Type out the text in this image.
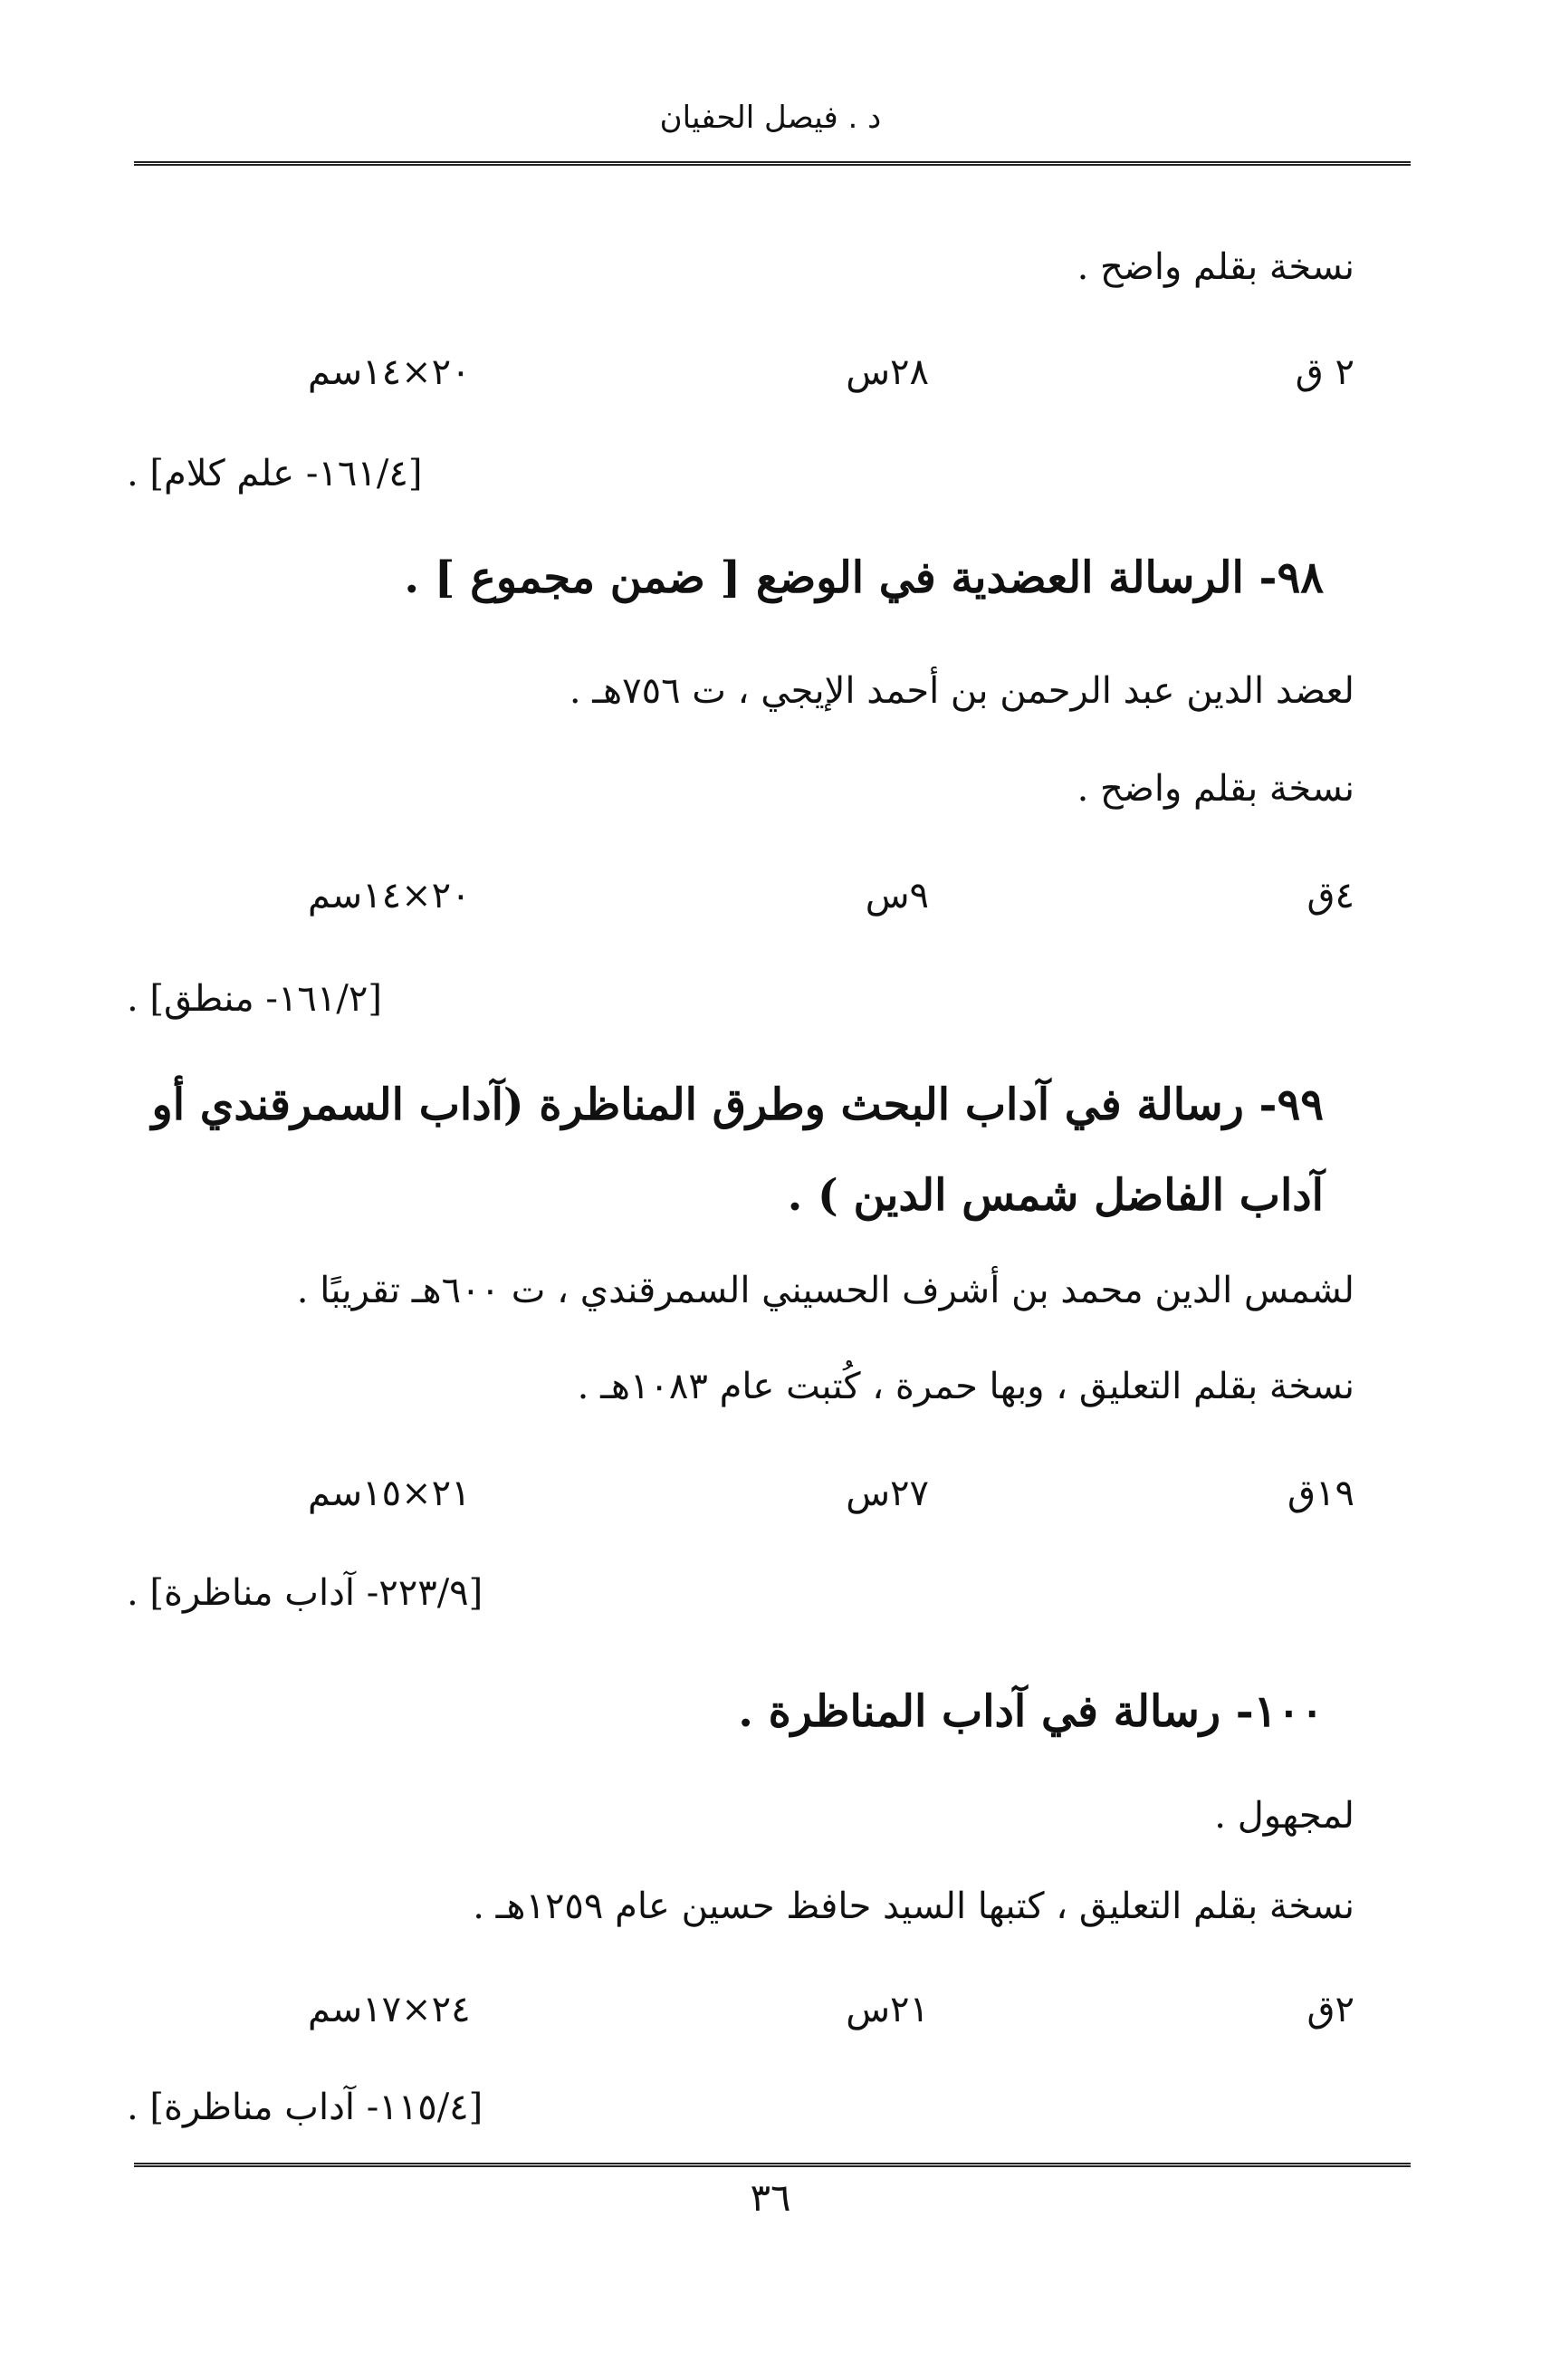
د . فيصل الحفيان
نسخة بقلم واضح .
٢ ق
٢٨س
٢٠×١٤سم
[١٦١/٤- علم كلام] .
٩٨- الرسالة العضدية في الوضع [ ضمن مجموع ] .
لعضد الدين عبد الرحمن بن أحمد الإيجي ، ت ٧٥٦هـ .
نسخة بقلم واضح .
٤ق
٩س
٢٠×١٤سم
[١٦١/٢- منطق] .
٩٩- رسالة في آداب البحث وطرق المناظرة (آداب السمرقندي أو آداب الفاضل شمس الدين ) .
لشمس الدين محمد بن أشرف الحسيني السمرقندي ، ت ٦٠٠هـ تقريبًا .
نسخة بقلم التعليق ، وبها حمرة ، كُتبت عام ١٠٨٣هـ .
١٩ق
٢٧س
٢١×١٥سم
[٢٢٣/٩- آداب مناظرة] .
١٠٠- رسالة في آداب المناظرة .
لمجهول .
نسخة بقلم التعليق ، كتبها السيد حافظ حسين عام ١٢٥٩هـ .
٢ق
٢١س
٢٤×١٧سم
[١١٥/٤- آداب مناظرة] .
٣٦
